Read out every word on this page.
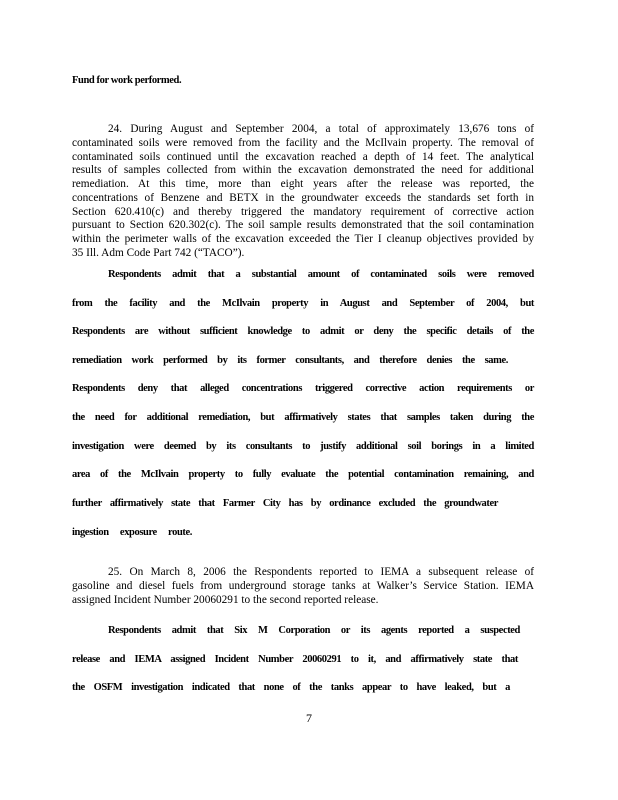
Fund for work performed.
24. During August and September 2004, a total of approximately 13,676 tons of
contaminated soils were removed from the facility and the McIlvain property. The removal of
contaminated soils continued until the excavation reached a depth of 14 feet. The analytical
results of samples collected from within the excavation demonstrated the need for additional
remediation. At this time, more than eight years after the release was reported, the
concentrations of Benzene and BETX in the groundwater exceeds the standards set forth in
Section 620.410(c) and thereby triggered the mandatory requirement of corrective action
pursuant to Section 620.302(c). The soil sample results demonstrated that the soil contamination
within the perimeter walls of the excavation exceeded the Tier I cleanup objectives provided by
35 Ill. Adm Code Part 742 (“TACO”).
Respondents admit that a substantial amount of contaminated soils were removed
from the facility and the McIlvain property in August and September of 2004, but
Respondents are without sufficient knowledge to admit or deny the specific details of the
remediation work performed by its former consultants, and therefore denies the same.
Respondents deny that alleged concentrations triggered corrective action requirements or
the need for additional remediation, but affirmatively states that samples taken during the
investigation were deemed by its consultants to justify additional soil borings in a limited
area of the McIlvain property to fully evaluate the potential contamination remaining, and
further affirmatively state that Farmer City has by ordinance excluded the groundwater
ingestion exposure route.
25. On March 8, 2006 the Respondents reported to IEMA a subsequent release of
gasoline and diesel fuels from underground storage tanks at Walker’s Service Station. IEMA
assigned Incident Number 20060291 to the second reported release.
Respondents admit that Six M Corporation or its agents reported a suspected
release and IEMA assigned Incident Number 20060291 to it, and affirmatively state that
the OSFM investigation indicated that none of the tanks appear to have leaked, but a
7
